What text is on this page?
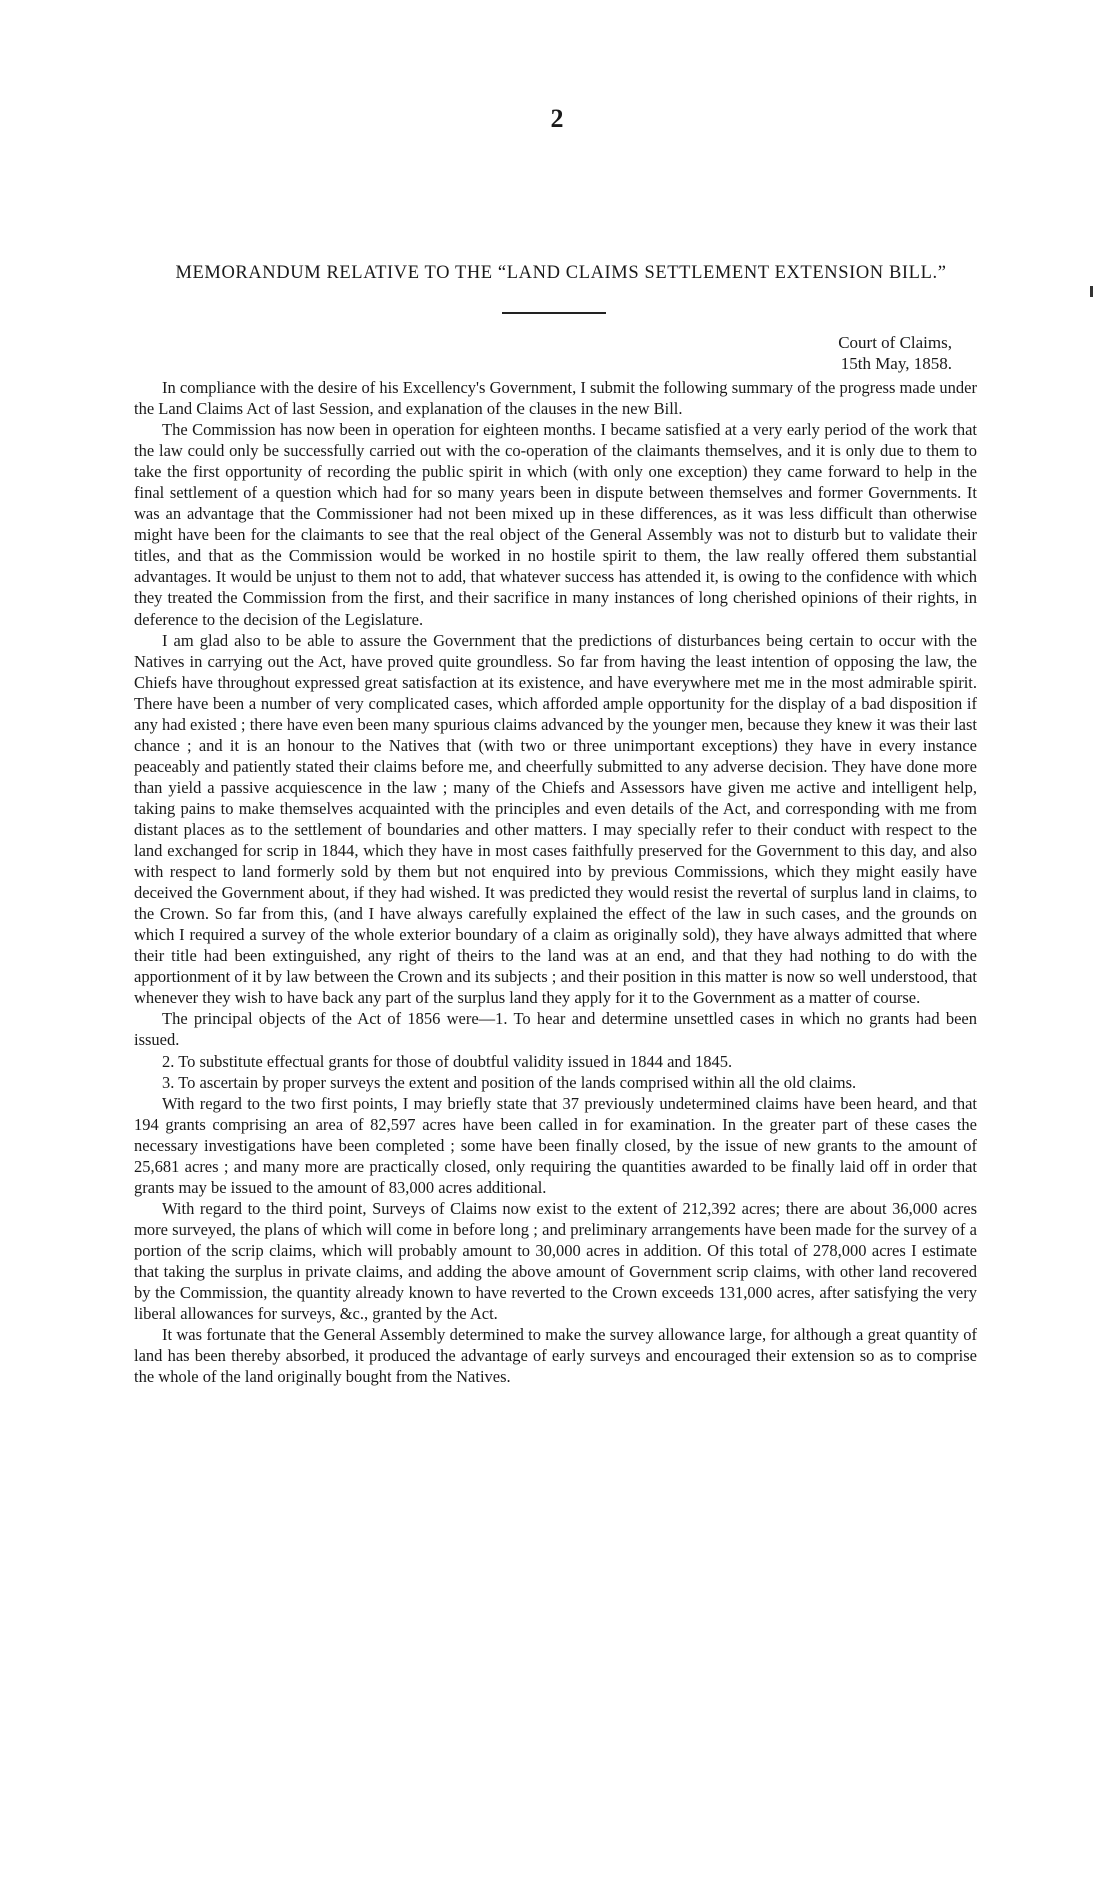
2
MEMORANDUM RELATIVE TO THE “LAND CLAIMS SETTLEMENT EXTENSION BILL.”
Court of Claims,
15th May, 1858.

In compliance with the desire of his Excellency's Government, I submit the following summary of the progress made under the Land Claims Act of last Session, and explanation of the clauses in the new Bill.

The Commission has now been in operation for eighteen months. I became satisfied at a very early period of the work that the law could only be successfully carried out with the co-operation of the claimants themselves, and it is only due to them to take the first opportunity of recording the public spirit in which (with only one exception) they came forward to help in the final settlement of a question which had for so many years been in dispute between themselves and former Governments. It was an advantage that the Commissioner had not been mixed up in these differences, as it was less difficult than otherwise might have been for the claimants to see that the real object of the General Assembly was not to disturb but to validate their titles, and that as the Commission would be worked in no hostile spirit to them, the law really offered them substantial advantages. It would be unjust to them not to add, that whatever success has attended it, is owing to the confidence with which they treated the Commission from the first, and their sacrifice in many instances of long cherished opinions of their rights, in deference to the decision of the Legislature.

I am glad also to be able to assure the Government that the predictions of disturbances being certain to occur with the Natives in carrying out the Act, have proved quite groundless. So far from having the least intention of opposing the law, the Chiefs have throughout expressed great satisfaction at its existence, and have everywhere met me in the most admirable spirit. There have been a number of very complicated cases, which afforded ample opportunity for the display of a bad disposition if any had existed ; there have even been many spurious claims advanced by the younger men, because they knew it was their last chance ; and it is an honour to the Natives that (with two or three unimportant exceptions) they have in every instance peaceably and patiently stated their claims before me, and cheerfully submitted to any adverse decision. They have done more than yield a passive acquiescence in the law ; many of the Chiefs and Assessors have given me active and intelligent help, taking pains to make themselves acquainted with the principles and even details of the Act, and corresponding with me from distant places as to the settlement of boundaries and other matters. I may specially refer to their conduct with respect to the land exchanged for scrip in 1844, which they have in most cases faithfully preserved for the Government to this day, and also with respect to land formerly sold by them but not enquired into by previous Commissions, which they might easily have deceived the Government about, if they had wished. It was predicted they would resist the revertal of surplus land in claims, to the Crown. So far from this, (and I have always carefully explained the effect of the law in such cases, and the grounds on which I required a survey of the whole exterior boundary of a claim as originally sold), they have always admitted that where their title had been extinguished, any right of theirs to the land was at an end, and that they had nothing to do with the apportionment of it by law between the Crown and its subjects ; and their position in this matter is now so well understood, that whenever they wish to have back any part of the surplus land they apply for it to the Government as a matter of course.

The principal objects of the Act of 1856 were—1. To hear and determine unsettled cases in which no grants had been issued.

2. To substitute effectual grants for those of doubtful validity issued in 1844 and 1845.

3. To ascertain by proper surveys the extent and position of the lands comprised within all the old claims.

With regard to the two first points, I may briefly state that 37 previously undetermined claims have been heard, and that 194 grants comprising an area of 82,597 acres have been called in for examination. In the greater part of these cases the necessary investigations have been completed ; some have been finally closed, by the issue of new grants to the amount of 25,681 acres ; and many more are practically closed, only requiring the quantities awarded to be finally laid off in order that grants may be issued to the amount of 83,000 acres additional.

With regard to the third point, Surveys of Claims now exist to the extent of 212,392 acres; there are about 36,000 acres more surveyed, the plans of which will come in before long ; and preliminary arrangements have been made for the survey of a portion of the scrip claims, which will probably amount to 30,000 acres in addition. Of this total of 278,000 acres I estimate that taking the surplus in private claims, and adding the above amount of Government scrip claims, with other land recovered by the Commission, the quantity already known to have reverted to the Crown exceeds 131,000 acres, after satisfying the very liberal allowances for surveys, &c., granted by the Act.

It was fortunate that the General Assembly determined to make the survey allowance large, for although a great quantity of land has been thereby absorbed, it produced the advantage of early surveys and encouraged their extension so as to comprise the whole of the land originally bought from the Natives.
